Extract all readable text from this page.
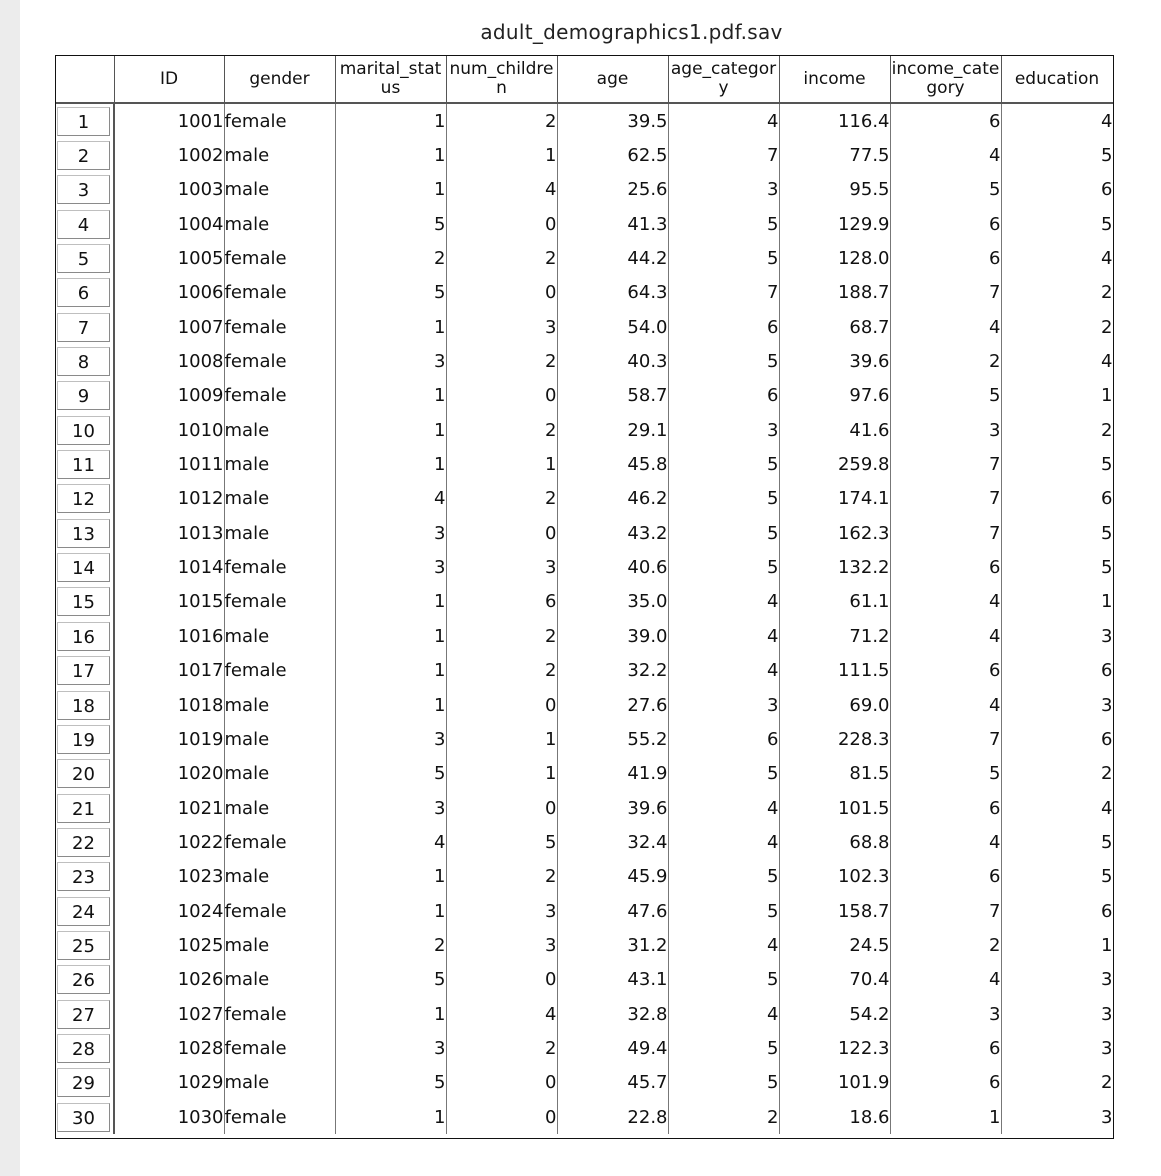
adult_demographics1.pdf.sav
	ID	gender	marital_stat us	num_childre n	age	age_categor y	income	income_cate gory	education

1	1001	female	1	2	39.5	4	116.4	6	4

2	1002	male	1	1	62.5	7	77.5	4	5

3	1003	male	1	4	25.6	3	95.5	5	6

4	1004	male	5	0	41.3	5	129.9	6	5

5	1005	female	2	2	44.2	5	128.0	6	4

6	1006	female	5	0	64.3	7	188.7	7	2

7	1007	female	1	3	54.0	6	68.7	4	2

8	1008	female	3	2	40.3	5	39.6	2	4

9	1009	female	1	0	58.7	6	97.6	5	1

10	1010	male	1	2	29.1	3	41.6	3	2

11	1011	male	1	1	45.8	5	259.8	7	5

12	1012	male	4	2	46.2	5	174.1	7	6

13	1013	male	3	0	43.2	5	162.3	7	5

14	1014	female	3	3	40.6	5	132.2	6	5

15	1015	female	1	6	35.0	4	61.1	4	1

16	1016	male	1	2	39.0	4	71.2	4	3

17	1017	female	1	2	32.2	4	111.5	6	6

18	1018	male	1	0	27.6	3	69.0	4	3

19	1019	male	3	1	55.2	6	228.3	7	6

20	1020	male	5	1	41.9	5	81.5	5	2

21	1021	male	3	0	39.6	4	101.5	6	4

22	1022	female	4	5	32.4	4	68.8	4	5

23	1023	male	1	2	45.9	5	102.3	6	5

24	1024	female	1	3	47.6	5	158.7	7	6

25	1025	male	2	3	31.2	4	24.5	2	1

26	1026	male	5	0	43.1	5	70.4	4	3

27	1027	female	1	4	32.8	4	54.2	3	3

28	1028	female	3	2	49.4	5	122.3	6	3

29	1029	male	5	0	45.7	5	101.9	6	2

30	1030	female	1	0	22.8	2	18.6	1	3
